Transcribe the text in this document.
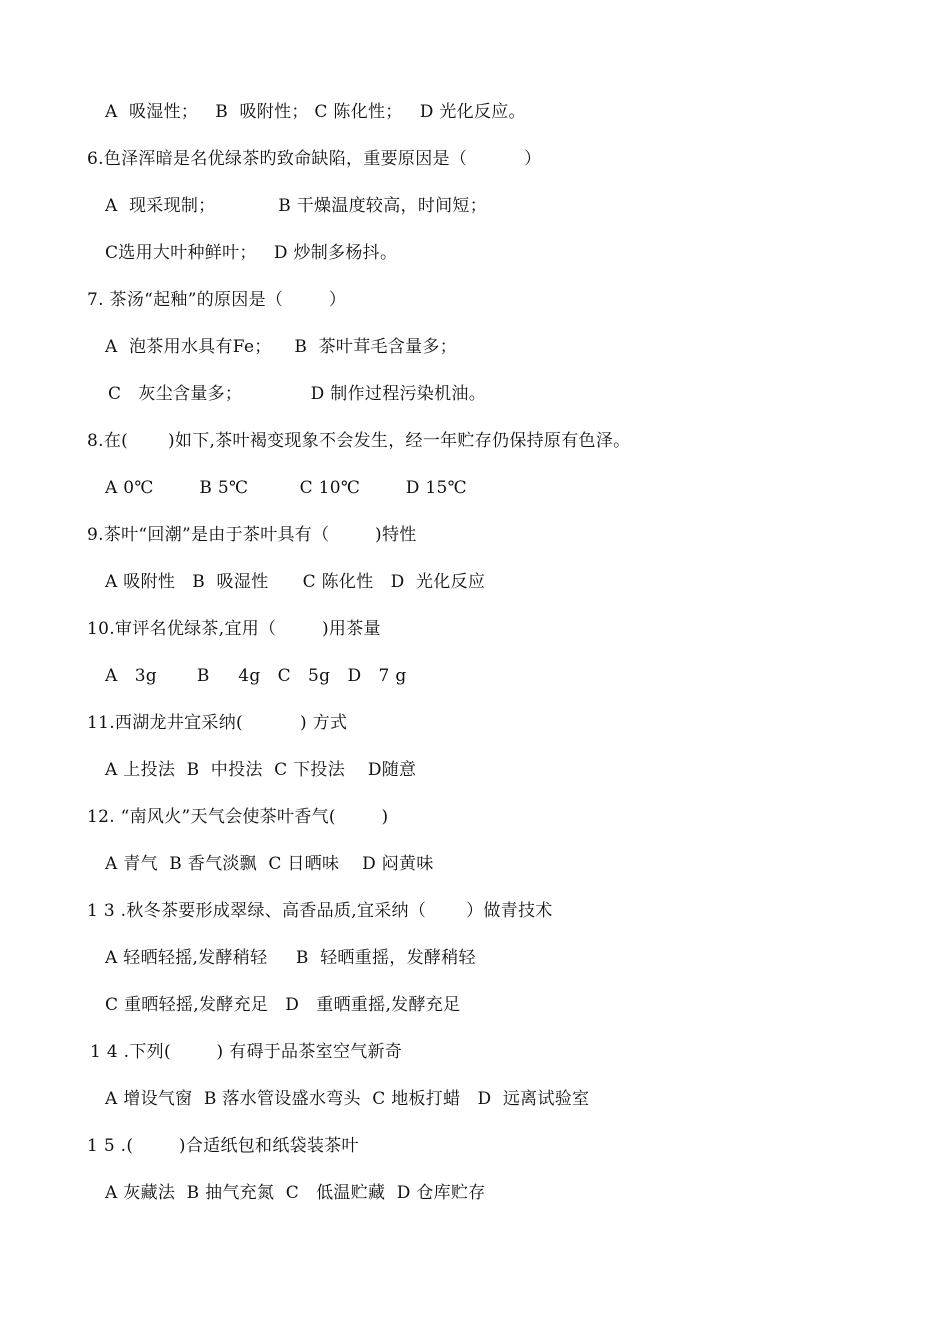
A  吸湿性；   B  吸附性； C 陈化性；   D 光化反应。
6.色泽浑暗是名优绿茶旳致命缺陷，重要原因是（          ）
A  现采现制；           B 干燥温度较高，时间短；
C选用大叶种鲜叶；   D 炒制多杨抖。
7. 茶汤“起釉”的原因是（        ）
A  泡茶用水具有Fe；    B  茶叶茸毛含量多；
C   灰尘含量多；            D 制作过程污染机油。
8.在(       )如下,茶叶褐变现象不会发生，经一年贮存仍保持原有色泽。
A 0℃        B 5℃         C 10℃        D 15℃
9.茶叶“回潮”是由于茶叶具有（        )特性
A 吸附性   B  吸湿性      C 陈化性   D  光化反应
10.审评名优绿茶,宜用（        )用茶量
A   3g       B     4g   C   5g   D   7 g
11.西湖龙井宜采纳(          ) 方式
A 上投法  B  中投法  C 下投法    D随意
12. “南风火”天气会使茶叶香气(        )
A 青气  B 香气淡飘  C 日晒味    D 闷黄味
1 3 .秋冬茶要形成翠绿、高香品质,宜采纳（       ）做青技术
A 轻晒轻摇,发酵稍轻     B  轻晒重摇，发酵稍轻
C 重晒轻摇,发酵充足   D   重晒重摇,发酵充足
1 4 .下列(        ) 有碍于品茶室空气新奇
A 增设气窗  B 落水管设盛水弯头  C 地板打蜡   D  远离试验室
1 5 .(        )合适纸包和纸袋装茶叶
A 灰藏法  B 抽气充氮  C   低温贮藏  D 仓库贮存
